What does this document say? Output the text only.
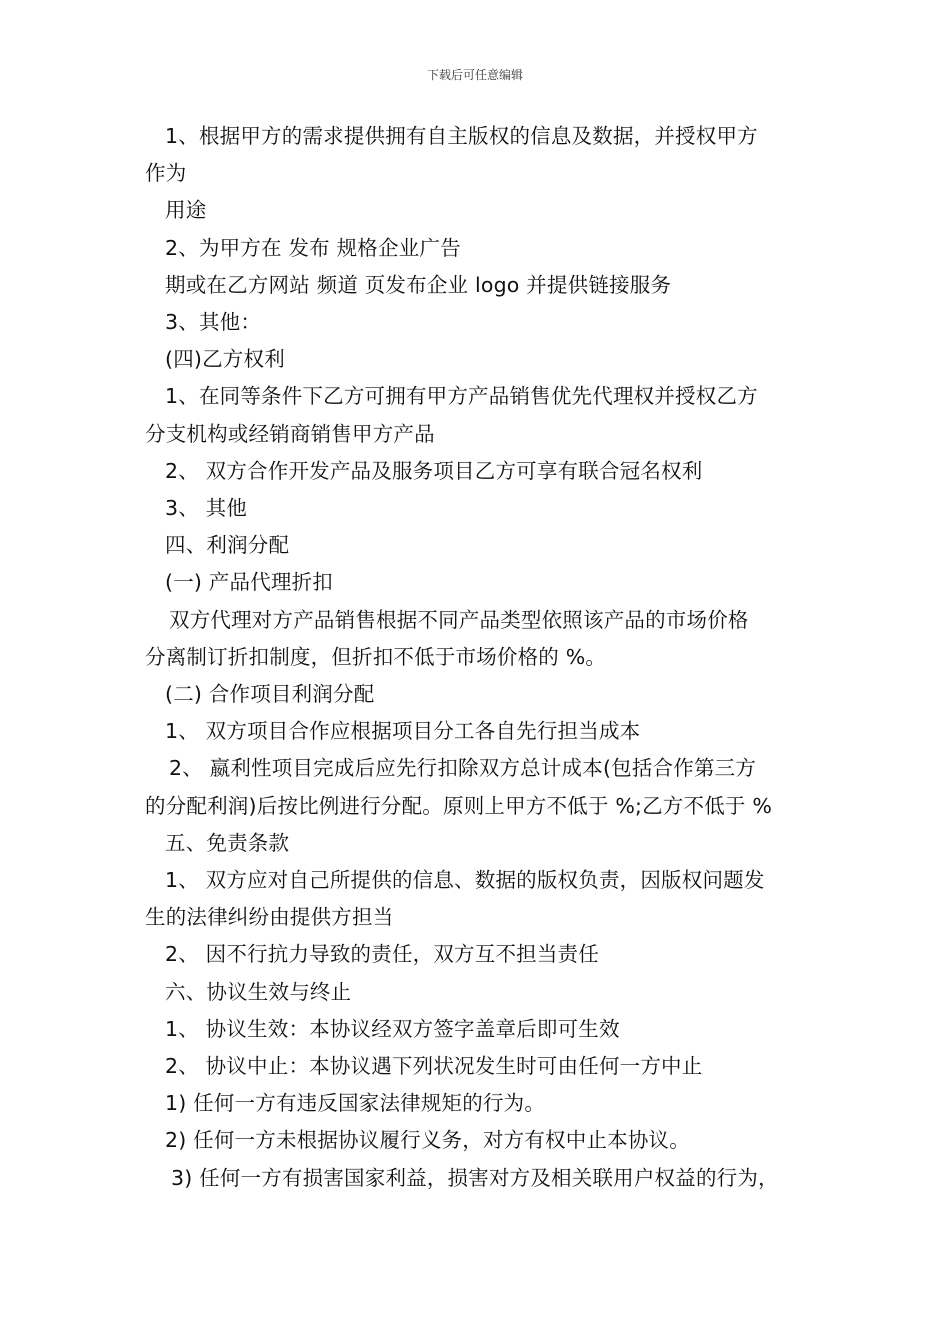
下载后可任意编辑
1、根据甲方的需求提供拥有自主版权的信息及数据，并授权甲方
作为
用途
2、为甲方在 发布 规格企业广告
期或在乙方网站 频道 页发布企业 logo 并提供链接服务
3、其他：
(四)乙方权利
1、在同等条件下乙方可拥有甲方产品销售优先代理权并授权乙方
分支机构或经销商销售甲方产品
2、 双方合作开发产品及服务项目乙方可享有联合冠名权利
3、 其他
四、利润分配
(一) 产品代理折扣
双方代理对方产品销售根据不同产品类型依照该产品的市场价格
分离制订折扣制度，但折扣不低于市场价格的 %。
(二) 合作项目利润分配
1、 双方项目合作应根据项目分工各自先行担当成本
2、 嬴利性项目完成后应先行扣除双方总计成本(包括合作第三方
的分配利润)后按比例进行分配。原则上甲方不低于 %;乙方不低于 %
五、免责条款
1、 双方应对自己所提供的信息、数据的版权负责，因版权问题发
生的法律纠纷由提供方担当
2、 因不行抗力导致的责任，双方互不担当责任
六、协议生效与终止
1、 协议生效：本协议经双方签字盖章后即可生效
2、 协议中止：本协议遇下列状况发生时可由任何一方中止
1) 任何一方有违反国家法律规矩的行为。
2) 任何一方未根据协议履行义务，对方有权中止本协议。
3) 任何一方有损害国家利益，损害对方及相关联用户权益的行为，
